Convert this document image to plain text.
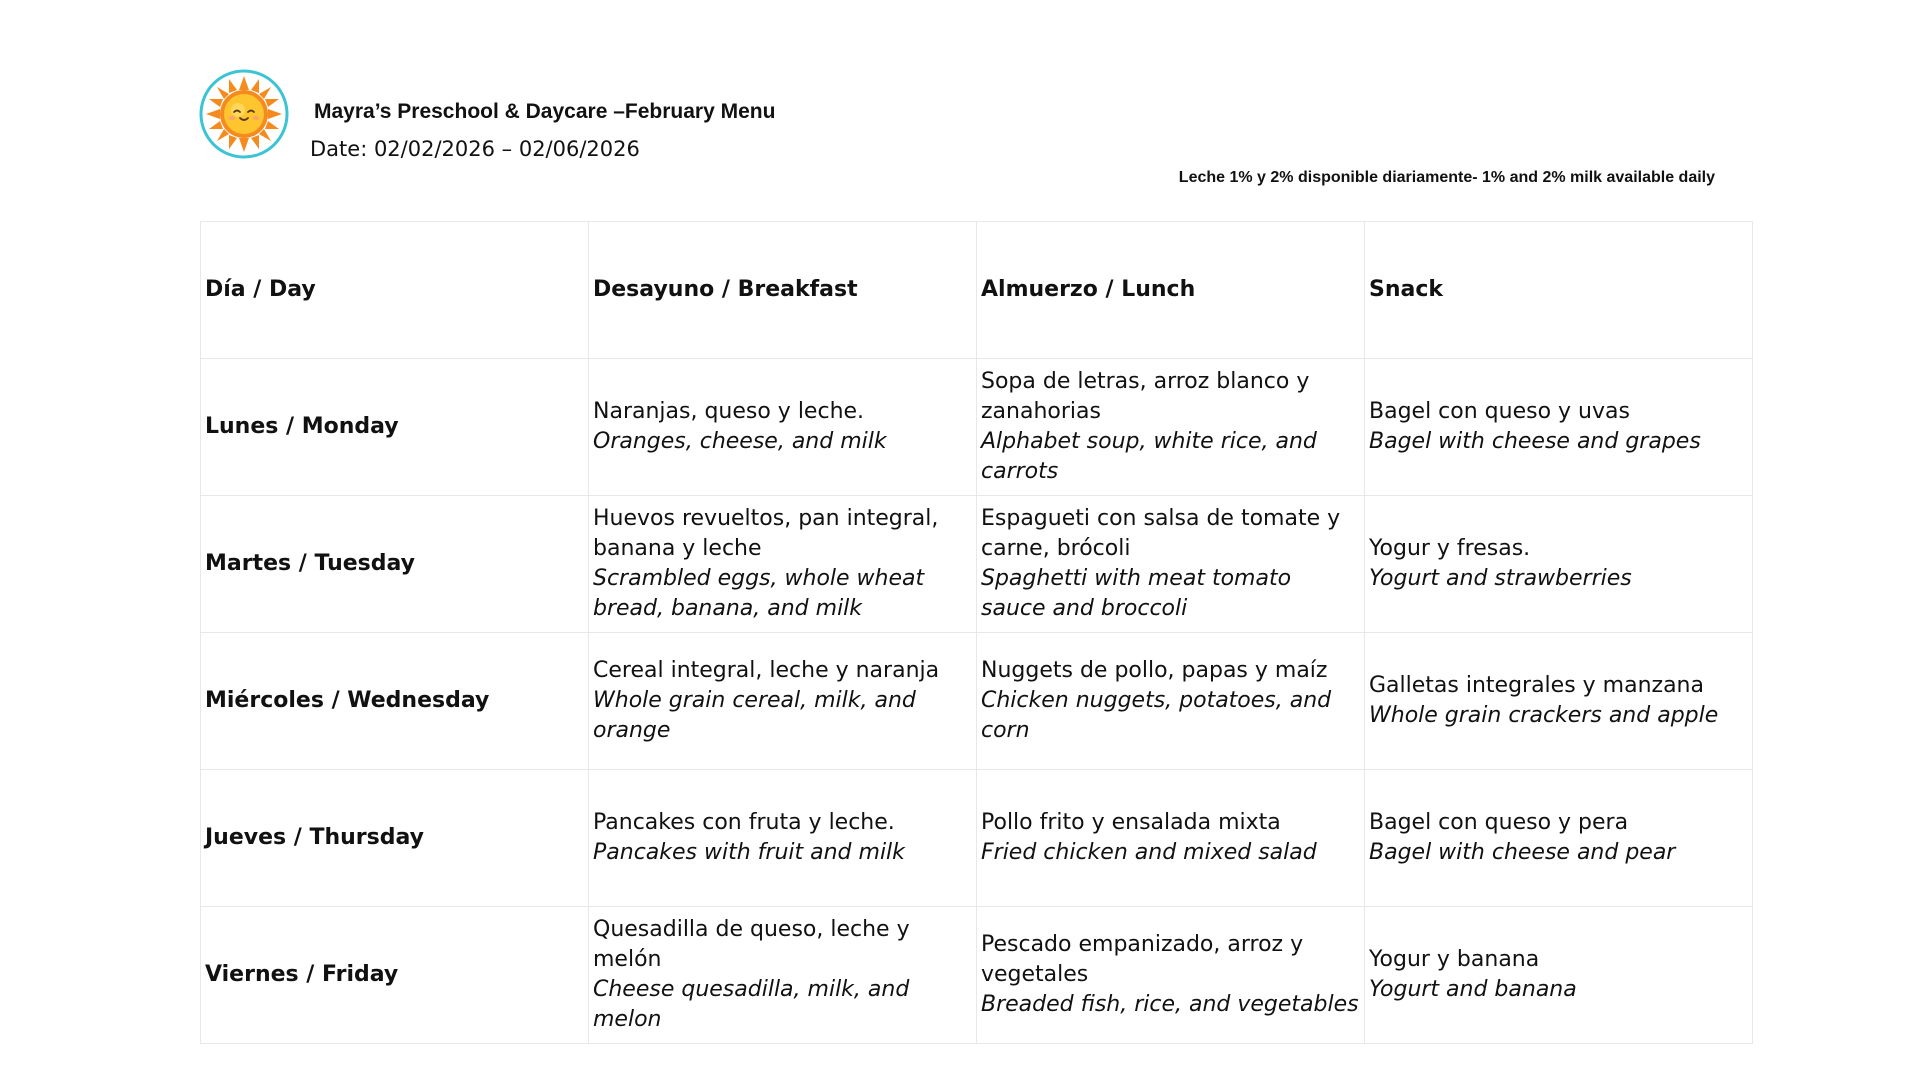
Mayra’s Preschool & Daycare –February Menu
Date: 02/02/2026 – 02/06/2026
Leche 1% y 2% disponible diariamente- 1% and 2% milk available daily
Día / Day	Desayuno / Breakfast	Almuerzo / Lunch	Snack
Lunes / Monday	Naranjas, queso y leche.
Oranges, cheese, and milk	Sopa de letras, arroz blanco y zanahorias
Alphabet soup, white rice, and carrots	Bagel con queso y uvas
Bagel with cheese and grapes

Martes / Tuesday	Huevos revueltos, pan integral, banana y leche
Scrambled eggs, whole wheat bread, banana, and milk	Espagueti con salsa de tomate y carne, brócoli
Spaghetti with meat tomato sauce and broccoli	Yogur y fresas.
Yogurt and strawberries

Miércoles / Wednesday	Cereal integral, leche y naranja
Whole grain cereal, milk, and orange	Nuggets de pollo, papas y maíz
Chicken nuggets, potatoes, and corn	Galletas integrales y manzana
Whole grain crackers and apple

Jueves / Thursday	Pancakes con fruta y leche.
Pancakes with fruit and milk	Pollo frito y ensalada mixta
Fried chicken and mixed salad	Bagel con queso y pera
Bagel with cheese and pear

Viernes / Friday	Quesadilla de queso, leche y melón
Cheese quesadilla, milk, and melon	Pescado empanizado, arroz y vegetales
Breaded fish, rice, and vegetables	Yogur y banana
Yogurt and banana
